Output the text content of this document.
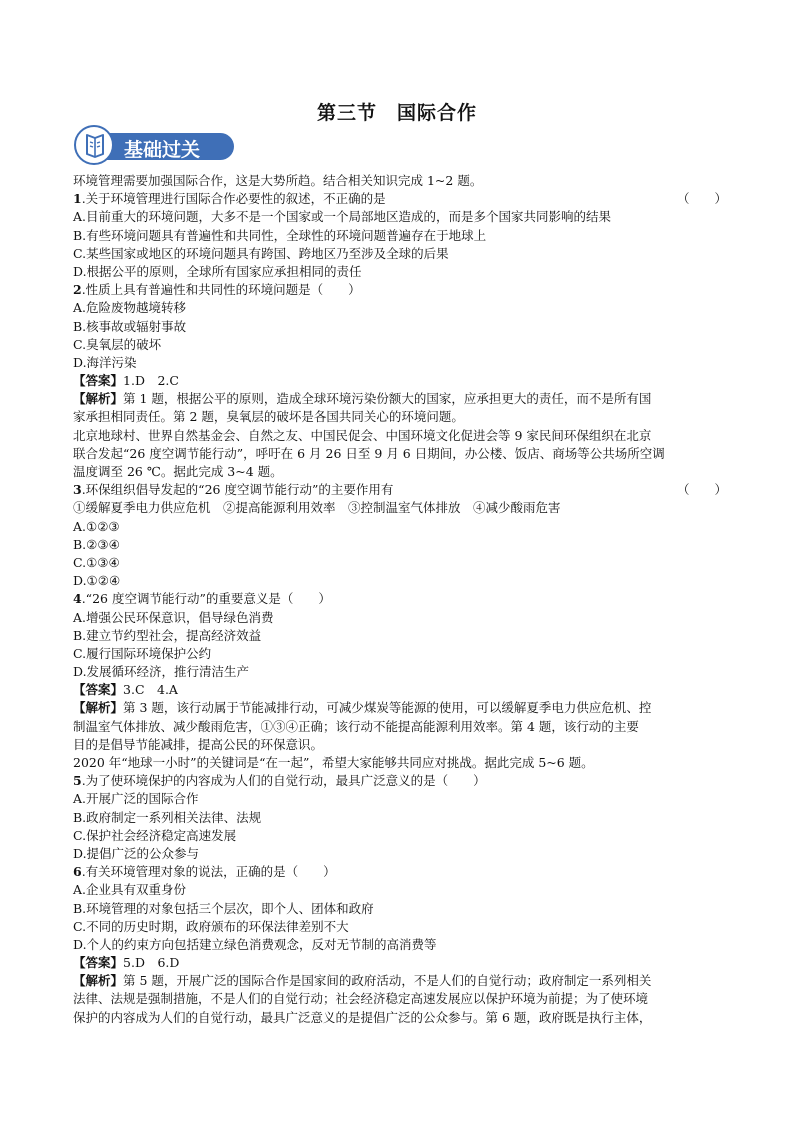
第三节　国际合作
基础过关
环境管理需要加强国际合作，这是大势所趋。结合相关知识完成 1~2 题。
1.关于环境管理进行国际合作必要性的叙述，不正确的是	（　　）
A.目前重大的环境问题，大多不是一个国家或一个局部地区造成的，而是多个国家共同影响的结果
B.有些环境问题具有普遍性和共同性，全球性的环境问题普遍存在于地球上
C.某些国家或地区的环境问题具有跨国、跨地区乃至涉及全球的后果
D.根据公平的原则，全球所有国家应承担相同的责任
2.性质上具有普遍性和共同性的环境问题是（　　）
A.危险废物越境转移
B.核事故或辐射事故
C.臭氧层的破坏
D.海洋污染
【答案】1.D　2.C
【解析】第 1 题，根据公平的原则，造成全球环境污染份额大的国家，应承担更大的责任，而不是所有国
家承担相同责任。第 2 题，臭氧层的破坏是各国共同关心的环境问题。
北京地球村、世界自然基金会、自然之友、中国民促会、中国环境文化促进会等 9 家民间环保组织在北京
联合发起“26 度空调节能行动”，呼吁在 6 月 26 日至 9 月 6 日期间，办公楼、饭店、商场等公共场所空调
温度调至 26 ℃。据此完成 3~4 题。
3.环保组织倡导发起的“26 度空调节能行动”的主要作用有	（　　）
①缓解夏季电力供应危机　②提高能源利用效率　③控制温室气体排放　④减少酸雨危害
A.①②③
B.②③④
C.①③④
D.①②④
4.“26 度空调节能行动”的重要意义是（　　）
A.增强公民环保意识，倡导绿色消费
B.建立节约型社会，提高经济效益
C.履行国际环境保护公约
D.发展循环经济，推行清洁生产
【答案】3.C　4.A
【解析】第 3 题，该行动属于节能减排行动，可减少煤炭等能源的使用，可以缓解夏季电力供应危机、控
制温室气体排放、减少酸雨危害，①③④正确；该行动不能提高能源利用效率。第 4 题，该行动的主要
目的是倡导节能减排，提高公民的环保意识。
2020 年“地球一小时”的关键词是“在一起”，希望大家能够共同应对挑战。据此完成 5~6 题。
5.为了使环境保护的内容成为人们的自觉行动，最具广泛意义的是（　　）
A.开展广泛的国际合作
B.政府制定一系列相关法律、法规
C.保护社会经济稳定高速发展
D.提倡广泛的公众参与
6.有关环境管理对象的说法，正确的是（　　）
A.企业具有双重身份
B.环境管理的对象包括三个层次，即个人、团体和政府
C.不同的历史时期，政府颁布的环保法律差别不大
D.个人的约束方向包括建立绿色消费观念，反对无节制的高消费等
【答案】5.D　6.D
【解析】第 5 题，开展广泛的国际合作是国家间的政府活动，不是人们的自觉行动；政府制定一系列相关
法律、法规是强制措施，不是人们的自觉行动；社会经济稳定高速发展应以保护环境为前提；为了使环境
保护的内容成为人们的自觉行动，最具广泛意义的是提倡广泛的公众参与。第 6 题，政府既是执行主体，
